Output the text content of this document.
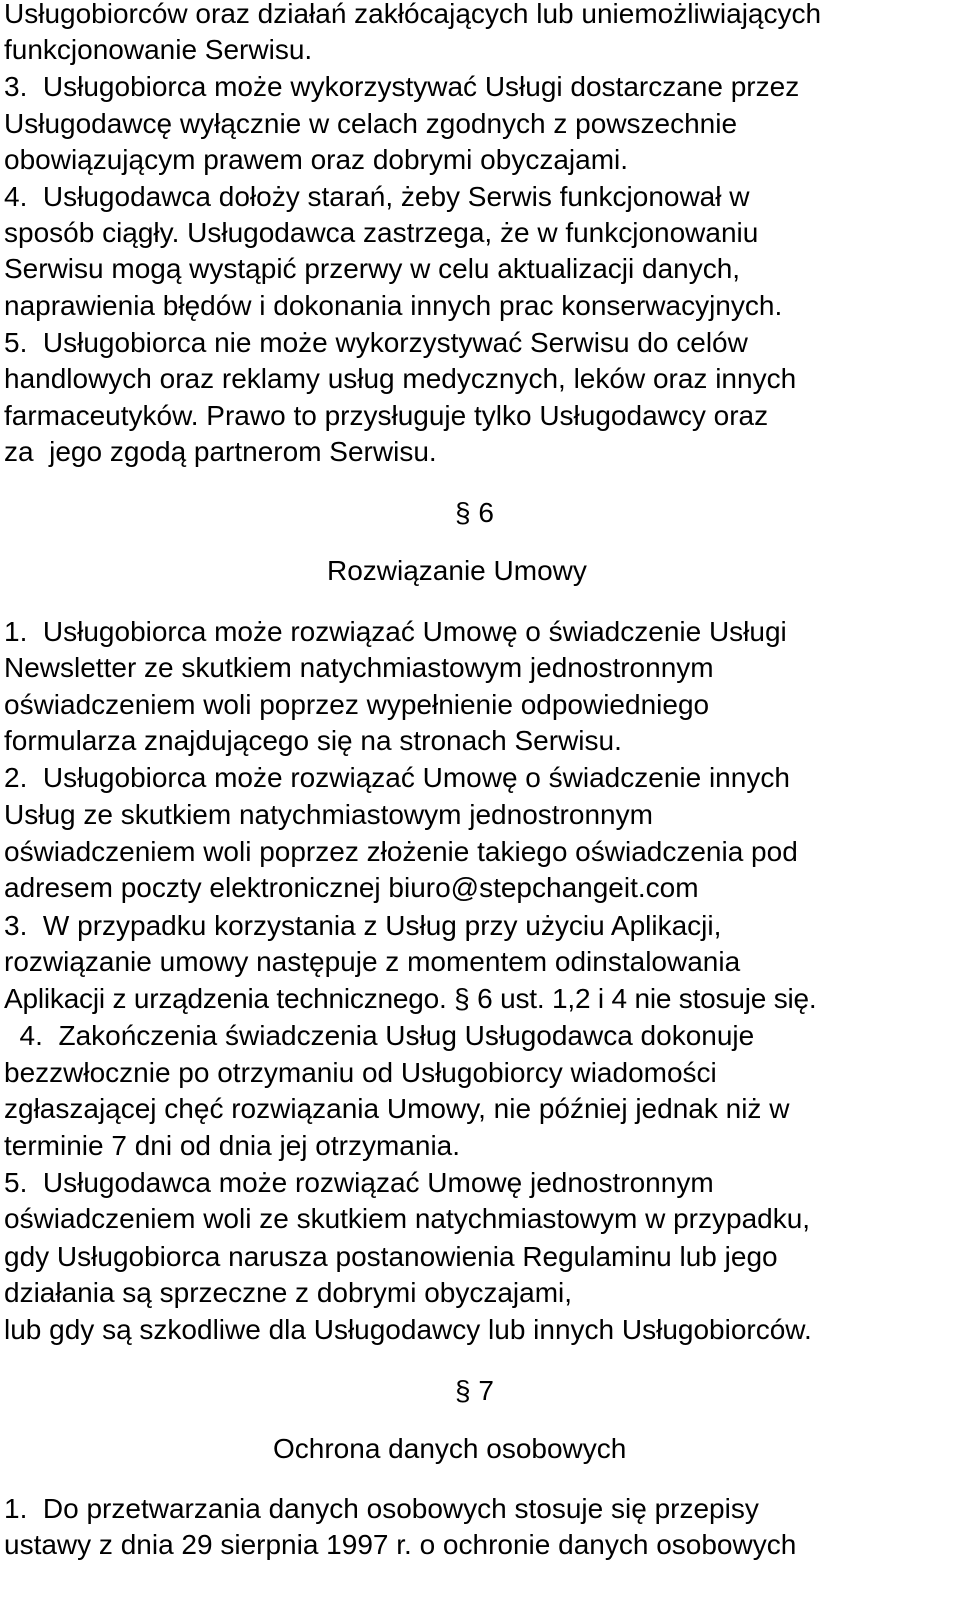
Usługobiorców oraz działań zakłócających lub uniemożliwiających

funkcjonowanie Serwisu.

3.  Usługobiorca może wykorzystywać Usługi dostarczane przez

Usługodawcę wyłącznie w celach zgodnych z powszechnie

obowiązującym prawem oraz dobrymi obyczajami.

4.  Usługodawca dołoży starań, żeby Serwis funkcjonował w

sposób ciągły. Usługodawca zastrzega, że w funkcjonowaniu

Serwisu mogą wystąpić przerwy w celu aktualizacji danych,

naprawienia błędów i dokonania innych prac konserwacyjnych.

5.  Usługobiorca nie może wykorzystywać Serwisu do celów

handlowych oraz reklamy usług medycznych, leków oraz innych

farmaceutyków. Prawo to przysługuje tylko Usługodawcy oraz

za  jego zgodą partnerom Serwisu.

§ 6

Rozwiązanie Umowy

1.  Usługobiorca może rozwiązać Umowę o świadczenie Usługi

Newsletter ze skutkiem natychmiastowym jednostronnym

oświadczeniem woli poprzez wypełnienie odpowiedniego

formularza znajdującego się na stronach Serwisu.

2.  Usługobiorca może rozwiązać Umowę o świadczenie innych

Usług ze skutkiem natychmiastowym jednostronnym

oświadczeniem woli poprzez złożenie takiego oświadczenia pod

adresem poczty elektronicznej biuro@stepchangeit.com

3.  W przypadku korzystania z Usług przy użyciu Aplikacji,

rozwiązanie umowy następuje z momentem odinstalowania

Aplikacji z urządzenia technicznego. § 6 ust. 1,2 i 4 nie stosuje się.

4.  Zakończenia świadczenia Usług Usługodawca dokonuje

bezzwłocznie po otrzymaniu od Usługobiorcy wiadomości

zgłaszającej chęć rozwiązania Umowy, nie później jednak niż w

terminie 7 dni od dnia jej otrzymania.

5.  Usługodawca może rozwiązać Umowę jednostronnym

oświadczeniem woli ze skutkiem natychmiastowym w przypadku,

gdy Usługobiorca narusza postanowienia Regulaminu lub jego

działania są sprzeczne z dobrymi obyczajami,

lub gdy są szkodliwe dla Usługodawcy lub innych Usługobiorców.

§ 7

Ochrona danych osobowych

1.  Do przetwarzania danych osobowych stosuje się przepisy

ustawy z dnia 29 sierpnia 1997 r. o ochronie danych osobowych
